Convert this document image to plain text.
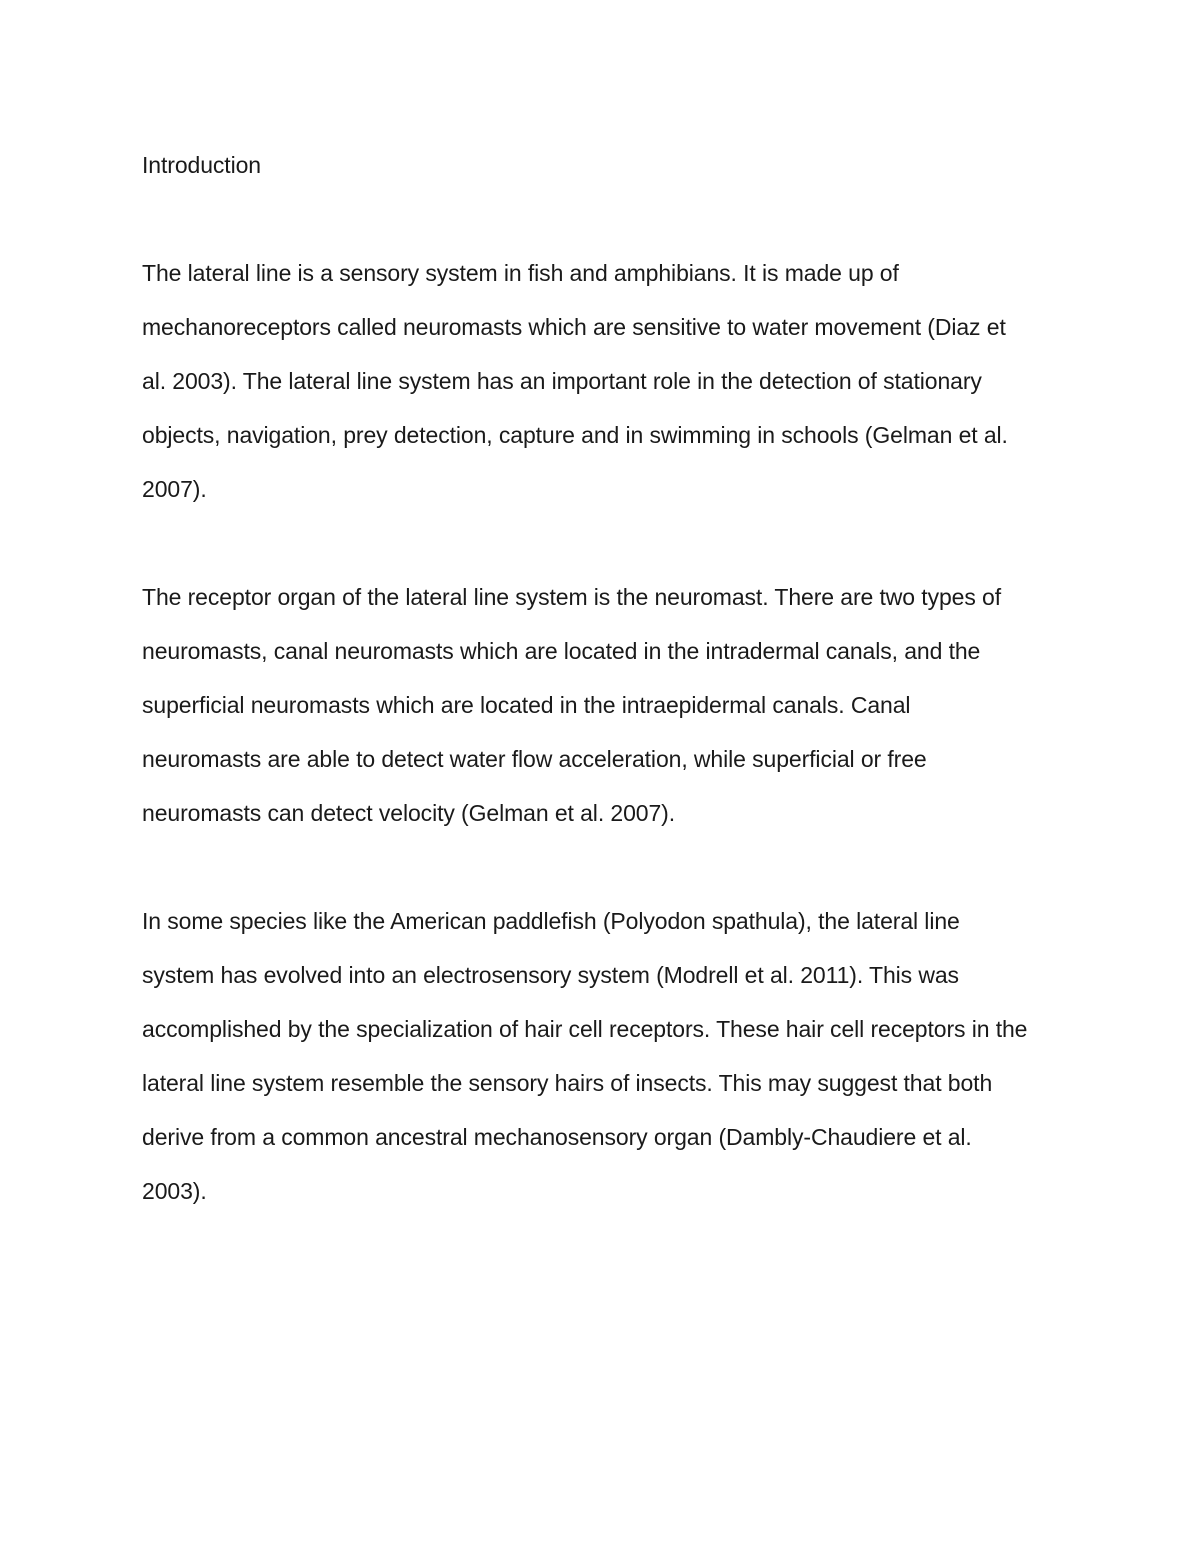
Introduction
The lateral line is a sensory system in fish and amphibians. It is made up of
mechanoreceptors called neuromasts which are sensitive to water movement (Diaz et
al. 2003). The lateral line system has an important role in the detection of stationary
objects, navigation, prey detection, capture and in swimming in schools (Gelman et al.
2007).
The receptor organ of the lateral line system is the neuromast. There are two types of
neuromasts, canal neuromasts which are located in the intradermal canals, and the
superficial neuromasts which are located in the intraepidermal canals. Canal
neuromasts are able to detect water flow acceleration, while superficial or free
neuromasts can detect velocity (Gelman et al. 2007).
In some species like the American paddlefish (Polyodon spathula), the lateral line
system has evolved into an electrosensory system (Modrell et al. 2011). This was
accomplished by the specialization of hair cell receptors. These hair cell receptors in the
lateral line system resemble the sensory hairs of insects. This may suggest that both
derive from a common ancestral mechanosensory organ (Dambly-Chaudiere et al.
2003).
